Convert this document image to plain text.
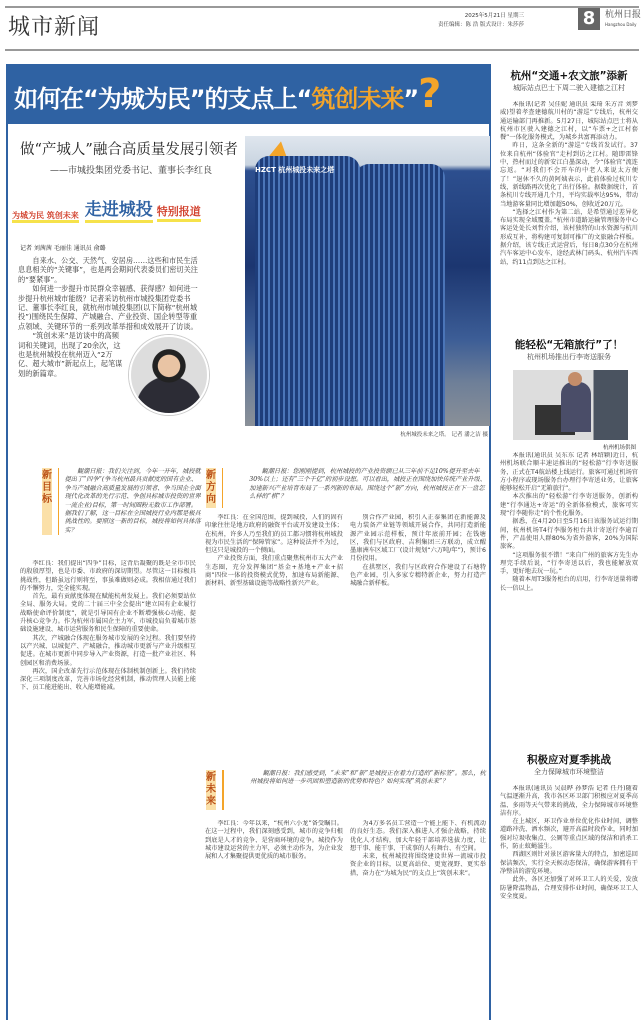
城市新闻	2025年5月21日 星期三
责任编辑：陈 浩 版式设计：朱莎莎	8	杭州日报
Hangzhou Daily
如何在“为城为民”的支点上“筑创未来”?
做“产城人”融合高质量发展引领者
——市城投集团党委书记、董事长李红良	HZCT 杭州城投未来之塔
杭州城投未来之塔。 记者 潘之洁 摄
为城为民 筑创未来 走进城投 特别报道
记者 刘茜茜 毛丽佳 通讯员 俞璐

自来水、公交、天然气、安居房……这些和市民生活息息相关的“关键事”，也是两会期间代表委员们密切关注的“要紧事”。

如何进一步提升市民群众幸福感、获得感？如何进一步提升杭州城市能级？记者采访杭州市城投集团党委书记、董事长李红良，就杭州市城投集团(以下简称“杭州城投”)围绕民生保障、产城融合、产业投资、国企转型等重点领域、关键环节的一系列改革举措和成效展开了访谈。

“筑创未来”是访谈中的高频词和关键词，出现了20余次，这也是杭州城投在杭州迈入“2万亿、超大城市”新起点上，起笔谋划的新篇章。

新目标
観潮日报：我们关注到，今年一开年，城投就提出了“四争”(争当杭州最具贡献度的国有企业、争当产城融合高质量发展的引领者、争当国企全面现代化改革的先行示范、争创具标城市投资的世界一流企业)目标，第一时间圈粉无数市工作部署。据我们了解，这一目标在全国城投行业内都是极具挑战性的。要照这一新的目标，城投将如何具体落实？

李红良：我们提出“四争”目标，这背后凝聚的既是全市市民的殷殷厚望，也是市委、市政府的深切期望。尽管这一目标极具挑战性，但路虽远行则将至，事虽难做则必成。我相信通过我们的不懈努力，完全能实现。

首先，最有贡献度体现在赋能杭州发展上。我们必须要站位全局、服务大局。党的二十届三中全会提出“建立国有企业履行战略使命评价制度”，就是引导国有企业不断增强核心功能、提升核心竞争力。作为杭州市属国企主力军，市城投肩负着城市基础设施建设、城市运营服务和民生保障的重要使命。

其次，产城融合体现在服务城市发展的全过程。我们要坚持以产兴城、以城促产、产城融合，推动城市更新与产业升级相互促进。在城市更新中同步导入产业资源，打造一批产业社区、科创园区和消费场景。

再次，国企改革先行示范体现在体制机制创新上。我们持续深化三项制度改革，完善市场化经营机制，推动管理人员能上能下、员工能进能出、收入能增能减。

新方向
観潮日报：您刚刚提到，杭州城投的产业投资额已从三年前不足10%提升至去年30%以上；还有“三个千亿”的初步设想。可以看出，城投正在围绕加快传统产业升级、加速新兴产业培育布局了一系列新的布局。围绕这个“新”方向，杭州城投正在下一盘怎么样的“棋”？

李红良：在全国范围，提到城投，人们的固有印象往往是地方政府的融资平台或开发建设主体；在杭州，许多人乃至我们的员工都习惯将杭州城投视为市民生活的“保障管家”。这种说法并不为过，但这只是城投的一个侧面。

产业投资方面，我们重点聚焦杭州市五大产业生态圈，充分发挥集团“基金+基地+产业+招商”四位一体的投资模式优势，加速布局新能源、新材料、新型基础设施等战略性新兴产业。

别合作产业园，积引入正泰集团在新能源及电力装备产业链等领域开展合作，共同打造新能源产业园示范样板，预计年底前开园；在钱塘区，我们与区政府、吉利集团三方联动，成立醒墨康洲车区域工厂(设计规划“六万吨/年”)，预计6月份投用。

在拱墅区，我们与区政府合作建设了石塘特色产业园，引入多家专精特新企业，努力打造产城融合新样板。

新未来
観潮日报：我们感受到，“未来”和“新”是城投正在着力打造的“新标签”。那么，杭州城投将如何进一步巩固和塑造新的优势和特色？如何实现“筑创未来”？

李红良：今年以来，“杭州六小龙”备受瞩目。在这一过程中，我们深刻感受到，城市的竞争归根到底是人才的竞争、是营商环境的竞争。城投作为城市建设运营的主力军，必须主动作为，为企业发展和人才集聚提供更优质的城市服务。

为4万多名员工营造一个能上能下、有机流动的良好生态。我们深入推进人才强企战略，持续优化人才结构，加大年轻干部培养选拔力度，让想干事、能干事、干成事的人有舞台、有空间。

未来，杭州城投将围绕建设世界一流城市投资企业的目标，以更高站位、更宽视野、更实举措，奋力在“为城为民”的支点上“筑创未来”。

杭州“交通+农文旅”添新
城际站点巴士下周二驶入建德之江村

本报讯(记者 吴佳妮 通讯员 栾琦 朱方音 刘梦威)望着孝查建德航川村的“游巡”专线后，杭州交通运输部门再推新。5月27日，城际站点巴士将从杭州市区驶入建德之江村，以“车票+之江村套餐”一体化服务模式，为城乡共富再添动力。

昨日，这条全新的“游巡”专线首发试行。37位来自杭州“体验官”走村到访之江村。随即雷锋中，热村而过的新安江白墨深动，令“体验官”流连忘返。“对我们不会开车的中老人来说太方便了！”退休不久的黄阿姨表示，此前体验过杭川专线，新线路再次优化了出行体验。据数据统计，首条杭川专线开通几个月，平均实载率达95%，带动当地游客量同比增加超50%，创收近20万元。

“选择之江村作为第二站，是希望通过差异化布局实现全域覆盖。”杭州市道路运输管理服务中心客运处处长刘哲介绍，该村独特的山水资源与杭川形成互补，将构建可复制可推广的文旅融合样板。据介绍，该专线正式运营后，每日8点30分在杭州汽车客运中心发车，途经武林门码头、杭州汽车西站，约11点到达之江村。

能轻松“无箱旅行”了！
杭州机场推出行李寄送服务
杭州机场供图

本报讯(通讯员 吴东东 记者 林绍颖)近日，杭州机场联合顺丰速运推出的“轻松游”行李寄送服务，正式在T4航站楼上线运行。旅客可通过机场官方小程序或现场服务台办理行李寄送业务，让旅客能够轻松开启“无箱旅行”。

本次推出的“轻松游”行李寄送服务，创新构建“行李通达+寄运”的全新体验模式，旅客可实现“行李随你走”的个性化服务。

据悉，在4月20日至5月16日该服务试运行期间，杭州机场T4行李服务柜台共计寄送行李逾百件，产品使用人群80%为省外游客，20%为国际旅客。

“这项服务很不错！”来自广州的旅客方先生办理完手续后说，“行李寄送以后，我也能解放双手，更好地去玩一玩。”

随着本周T3服务柜台的启用，行李寄送量将增长一倍以上。

积极应对夏季挑战
全力保障城市环境整洁

本报讯(通讯员 吴晨晔 孙梦浩 记者 任丹)随着气温逐渐升高，我市各区环卫部门积极应对夏季高温、多雨等天气带来的挑战，全力保障城市环境整洁有序。

在上城区，环卫作业单位优化作业时间，调整道路冲洗、洒水频次，避开高温时段作业，同时加强对垃圾收集点、公厕等重点区域的保洁和消杀工作，防止蚊蝇滋生。

西湖区则针对景区游客量大的特点，加密巡回保洁频次，实行全天候动态保洁，确保游客拥有干净整洁的游览环境。

此外，各区还加强了对环卫工人的关爱，发放防暑降温物品，合理安排作业时间，确保环卫工人安全度夏。
